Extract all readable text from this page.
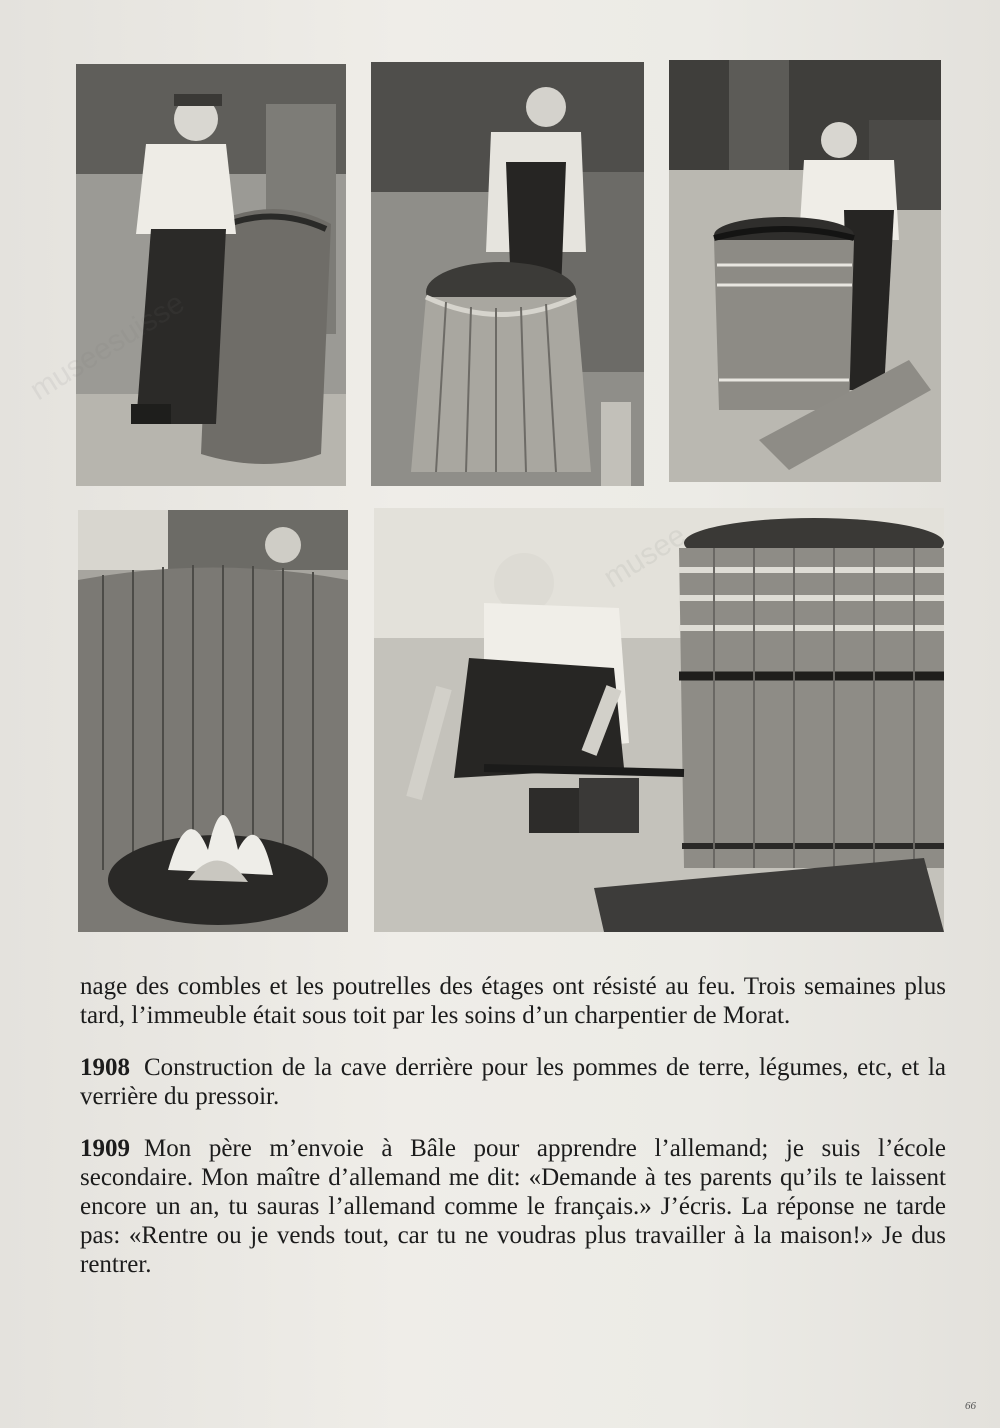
nage des combles et les poutrelles des étages ont résisté au feu. Trois semaines plus tard, l’immeuble était sous toit par les soins d’un charpentier de Morat.

1908 Construction de la cave derrière pour les pommes de terre, légumes, etc, et la verrière du pressoir.

1909 Mon père m’envoie à Bâle pour apprendre l’allemand; je suis l’école secondaire. Mon maître d’allemand me dit: «Demande à tes parents qu’ils te laissent encore un an, tu sauras l’allemand comme le français.» J’écris. La réponse ne tarde pas: «Rentre ou je vends tout, car tu ne voudras plus travailler à la maison!» Je dus rentrer.

66
